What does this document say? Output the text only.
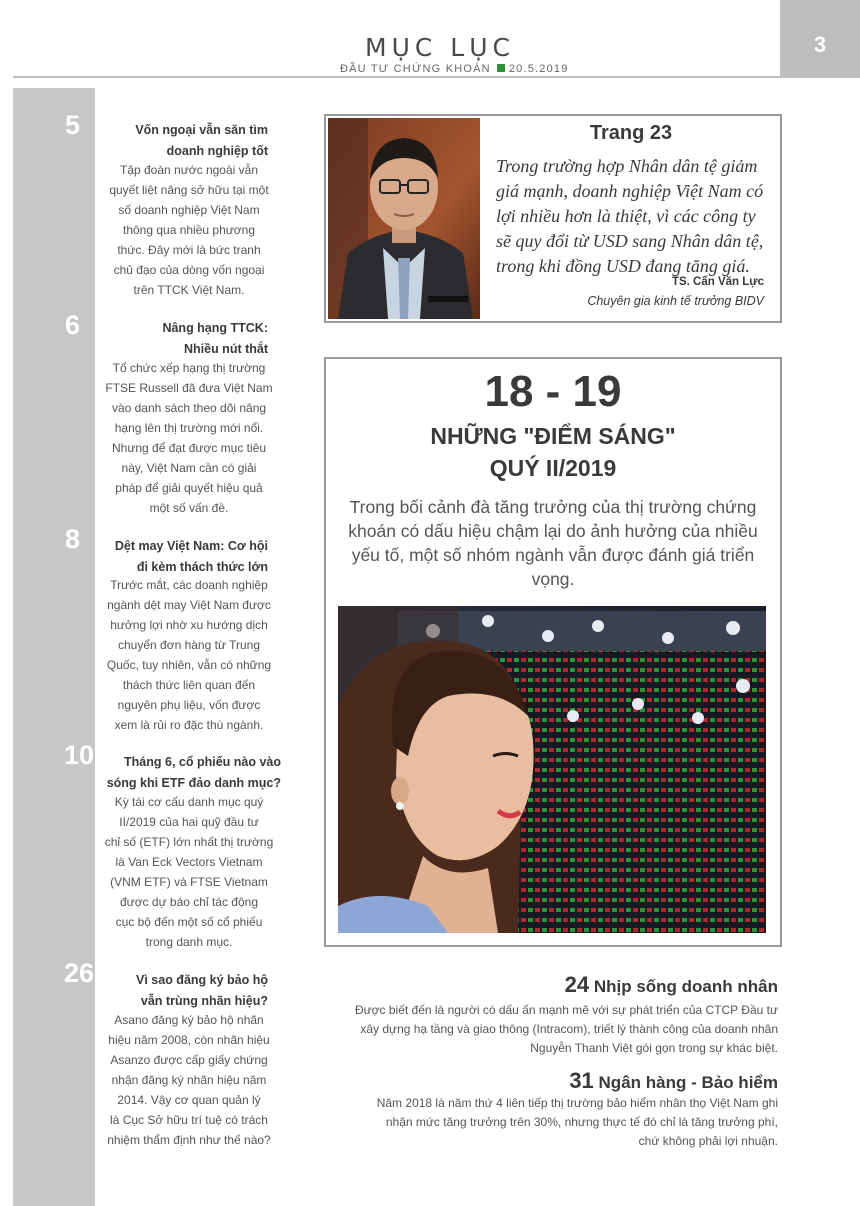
MỤC LỤC
ĐẦU TƯ CHỨNG KHOÁN 20.5.2019
3
5	Vốn ngoại vẫn săn tìm
doanh nghiệp tốt
Tập đoàn nước ngoài vẫn
quyết liệt nâng sở hữu tại một
số doanh nghiệp Việt Nam
thông qua nhiều phương
thức. Đây mới là bức tranh
chủ đạo của dòng vốn ngoại
trên TTCK Việt Nam.
6	Nâng hạng TTCK:
Nhiều nút thắt
Tổ chức xếp hạng thị trường
FTSE Russell đã đưa Việt Nam
vào danh sách theo dõi nâng
hạng lên thị trường mới nổi.
Nhưng để đạt được mục tiêu
này, Việt Nam cần có giải
pháp để giải quyết hiệu quả
một số vấn đề.
8	Dệt may Việt Nam: Cơ hội
đi kèm thách thức lớn
Trước mắt, các doanh nghiệp
ngành dệt may Việt Nam được
hưởng lợi nhờ xu hướng dịch
chuyển đơn hàng từ Trung
Quốc, tuy nhiên, vẫn có những
thách thức liên quan đến
nguyên phụ liệu, vốn được
xem là rủi ro đặc thù ngành.
10	Tháng 6, cổ phiếu nào vào
sóng khi ETF đảo danh mục?
Kỳ tái cơ cấu danh mục quý
II/2019 của hai quỹ đầu tư
chỉ số (ETF) lớn nhất thị trường
là Van Eck Vectors Vietnam
(VNM ETF) và FTSE Vietnam
được dự báo chỉ tác động
cục bộ đến một số cổ phiếu
trong danh mục.
26	Vì sao đăng ký bảo hộ
vẫn trùng nhãn hiệu?
Asano đăng ký bảo hộ nhãn
hiệu năm 2008, còn nhãn hiệu
Asanzo được cấp giấy chứng
nhận đăng ký nhãn hiệu năm
2014. Vậy cơ quan quản lý
là Cục Sở hữu trí tuệ có trách
nhiệm thẩm định như thế nào?
Trang 23
Trong trường hợp Nhân dân tệ giảm giá mạnh, doanh nghiệp Việt Nam có lợi nhiều hơn là thiệt, vì các công ty sẽ quy đổi từ USD sang Nhân dân tệ, trong khi đồng USD đang tăng giá.
TS. Cấn Văn Lực
Chuyên gia kinh tế trưởng BIDV
18 - 19
NHỮNG "ĐIỂM SÁNG"
QUÝ II/2019
Trong bối cảnh đà tăng trưởng của thị trường chứng khoán có dấu hiệu chậm lại do ảnh hưởng của nhiều yếu tố, một số nhóm ngành vẫn được đánh giá triển vọng.
24 Nhịp sống doanh nhân
Được biết đến là người có dấu ấn mạnh mẽ với sự phát triển của CTCP Đầu tư
xây dựng hạ tầng và giao thông (Intracom), triết lý thành công của doanh nhân
Nguyễn Thanh Việt gói gọn trong sự khác biệt.
31 Ngân hàng - Bảo hiểm
Năm 2018 là năm thứ 4 liên tiếp thị trường bảo hiểm nhân thọ Việt Nam ghi
nhận mức tăng trưởng trên 30%, nhưng thực tế đó chỉ là tăng trưởng phí,
chứ không phải lợi nhuận.
